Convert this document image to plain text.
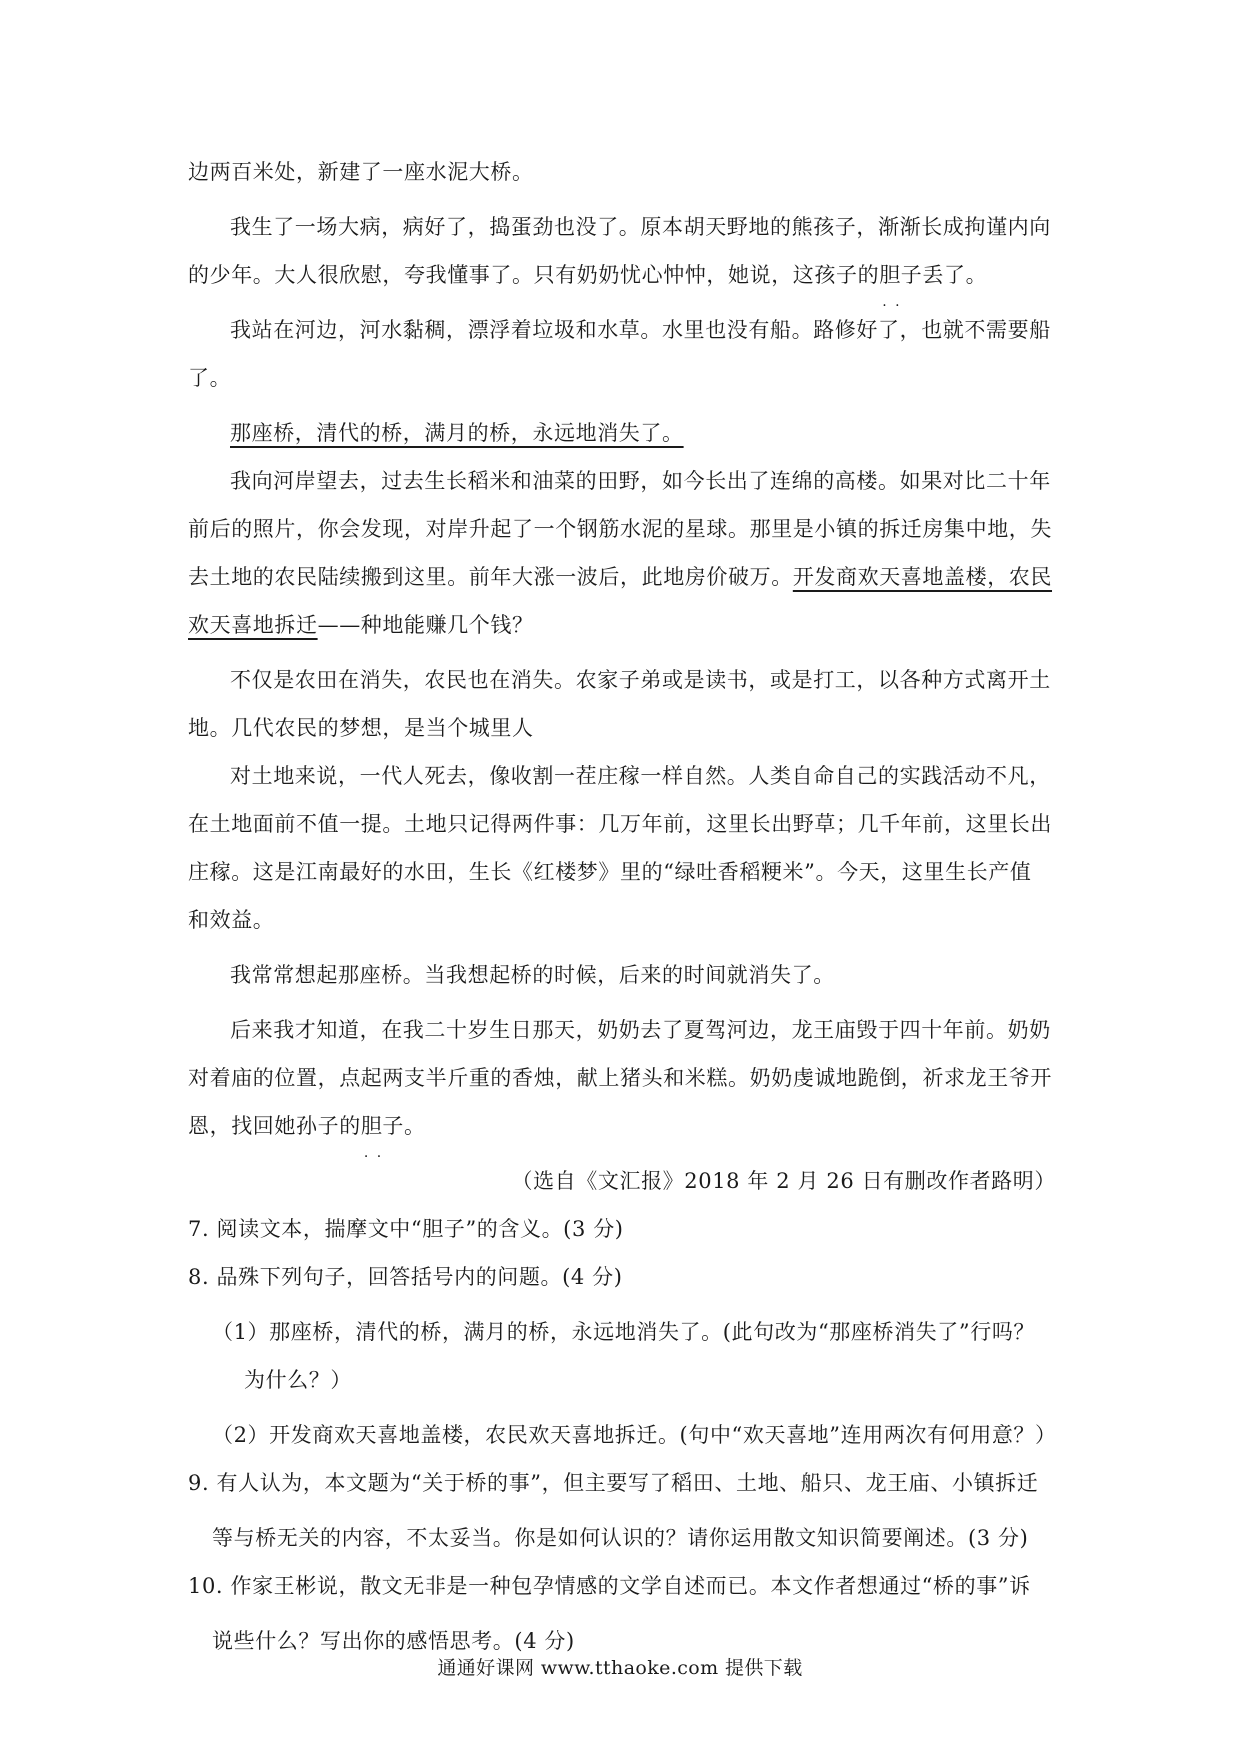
边两百米处，新建了一座水泥大桥。
我生了一场大病，病好了，捣蛋劲也没了。原本胡天野地的熊孩子，渐渐长成拘谨内向
的少年。大人很欣慰，夸我懂事了。只有奶奶忧心忡忡，她说，这孩子的胆子 · ·丢了。
我站在河边，河水黏稠，漂浮着垃圾和水草。水里也没有船。路修好了，也就不需要船
了。
那座桥，清代的桥，满月的桥，永远地消失了。
我向河岸望去，过去生长稻米和油菜的田野，如今长出了连绵的高楼。如果对比二十年
前后的照片，你会发现，对岸升起了一个钢筋水泥的星球。那里是小镇的拆迁房集中地，失
去土地的农民陆续搬到这里。前年大涨一波后，此地房价破万。开发商欢天喜地盖楼，农民
欢天喜地拆迁——种地能赚几个钱？
不仅是农田在消失，农民也在消失。农家子弟或是读书，或是打工，以各种方式离开土
地。几代农民的梦想，是当个城里人
对土地来说，一代人死去，像收割一茬庄稼一样自然。人类自命自己的实践活动不凡，
在土地面前不值一提。土地只记得两件事：几万年前，这里长出野草；几千年前，这里长出
庄稼。这是江南最好的水田，生长《红楼梦》里的“绿吐香稻粳米”。今天，这里生长产值
和效益。
我常常想起那座桥。当我想起桥的时候，后来的时间就消失了。
后来我才知道，在我二十岁生日那天，奶奶去了夏驾河边，龙王庙毁于四十年前。奶奶
对着庙的位置，点起两支半斤重的香烛，献上猪头和米糕。奶奶虔诚地跪倒，祈求龙王爷开
恩，找回她孙子的胆子 · ·。
（选自《文汇报》2018 年 2 月 26 日有删改作者路明）
7. 阅读文本，揣摩文中“胆子”的含义。(3 分)
8. 品殊下列句子，回答括号内的问题。(4 分)
（1）那座桥，清代的桥，满月的桥，永远地消失了。(此句改为“那座桥消失了”行吗？
为什么？）
（2）开发商欢天喜地盖楼，农民欢天喜地拆迁。(句中“欢天喜地”连用两次有何用意？）
9. 有人认为，本文题为“关于桥的事”，但主要写了稻田、土地、船只、龙王庙、小镇拆迁
等与桥无关的内容，不太妥当。你是如何认识的？请你运用散文知识简要阐述。(3 分)
10. 作家王彬说，散文无非是一种包孕情感的文学自述而已。本文作者想通过“桥的事”诉
说些什么？写出你的感悟思考。(4 分)
通通好课网 www.tthaoke.com 提供下载
